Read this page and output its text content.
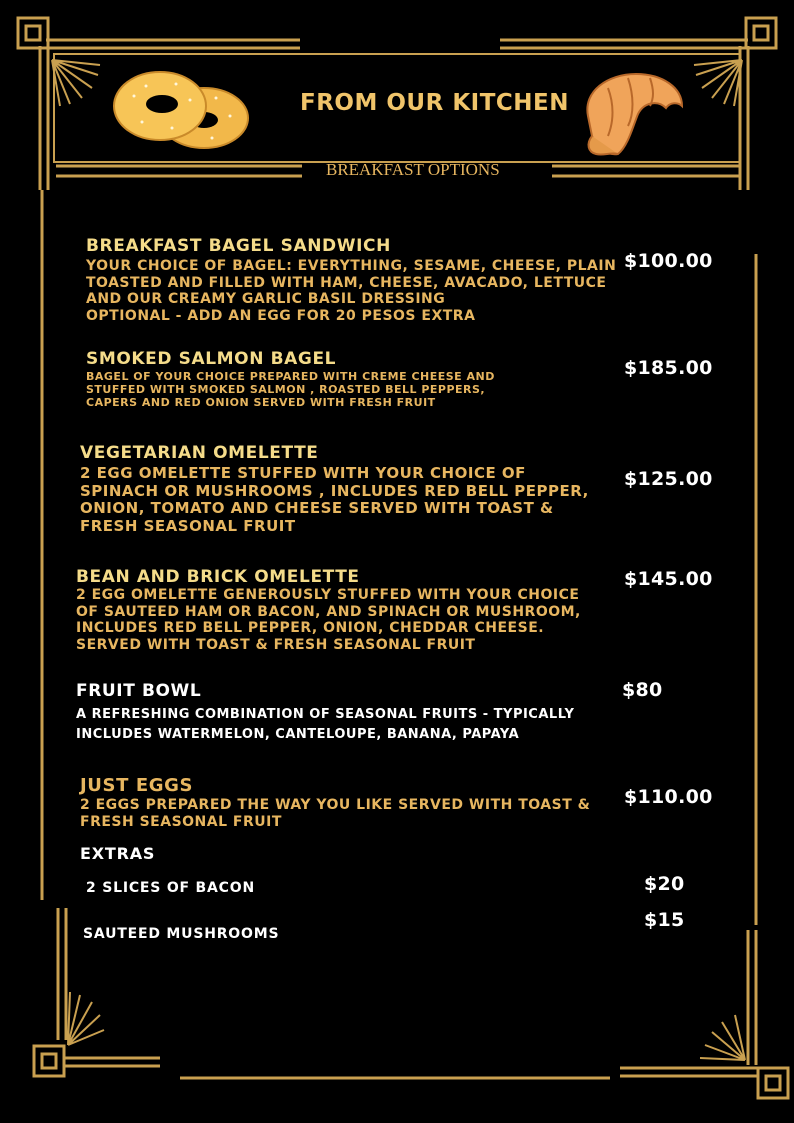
FROM OUR KITCHEN
BREAKFAST OPTIONS
BREAKFAST BAGEL SANDWICH
YOUR CHOICE OF BAGEL: EVERYTHING, SESAME, CHEESE, PLAIN
TOASTED AND FILLED WITH HAM, CHEESE, AVACADO, LETTUCE
AND OUR CREAMY GARLIC BASIL DRESSING
OPTIONAL - ADD AN EGG FOR 20 PESOS EXTRA
$100.00
SMOKED SALMON BAGEL
BAGEL OF YOUR CHOICE PREPARED WITH CREME CHEESE AND
STUFFED WITH SMOKED SALMON , ROASTED BELL PEPPERS,
CAPERS AND RED ONION SERVED WITH FRESH FRUIT
$185.00
VEGETARIAN OMELETTE
2 EGG OMELETTE STUFFED WITH YOUR CHOICE OF
SPINACH OR MUSHROOMS , INCLUDES RED BELL PEPPER,
ONION, TOMATO AND CHEESE SERVED WITH TOAST &
FRESH SEASONAL FRUIT
$125.00
BEAN AND BRICK OMELETTE
2 EGG OMELETTE GENEROUSLY STUFFED WITH YOUR CHOICE
OF SAUTEED HAM OR BACON, AND SPINACH OR MUSHROOM,
INCLUDES RED BELL PEPPER, ONION, CHEDDAR CHEESE.
SERVED WITH TOAST & FRESH SEASONAL FRUIT
$145.00
FRUIT BOWL
A REFRESHING COMBINATION OF SEASONAL FRUITS - TYPICALLY
INCLUDES WATERMELON, CANTELOUPE, BANANA, PAPAYA
$80
JUST EGGS
2 EGGS PREPARED THE WAY YOU LIKE SERVED WITH TOAST &
FRESH SEASONAL FRUIT
$110.00
EXTRAS
2 SLICES OF BACON	$20
SAUTEED MUSHROOMS
$15
